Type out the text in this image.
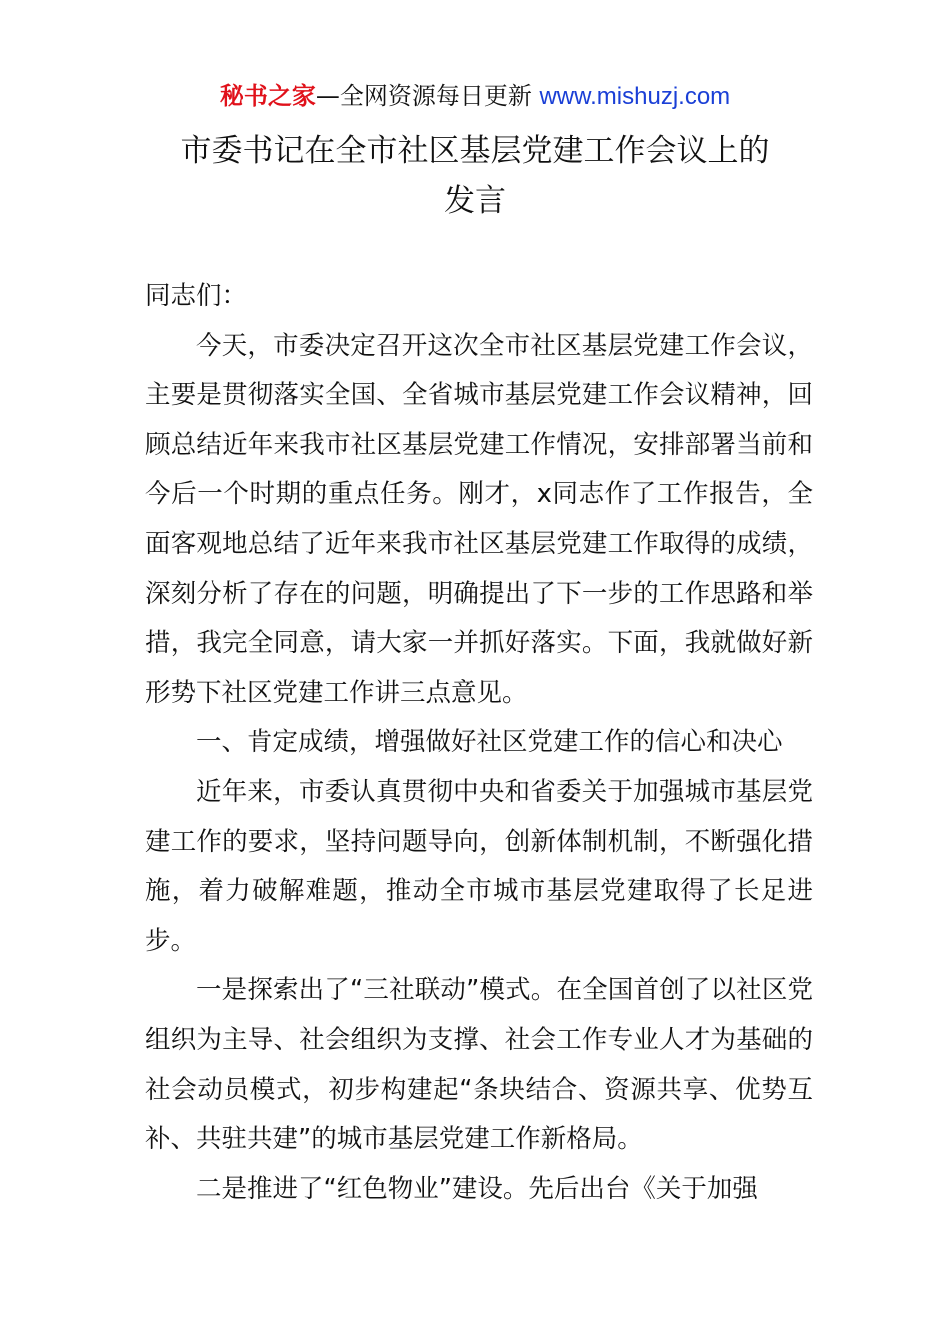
秘书之家—全网资源每日更新 www.mishuzj.com
市委书记在全市社区基层党建工作会议上的
发言

同志们：

今天，市委决定召开这次全市社区基层党建工作会议，主要是贯彻落实全国、全省城市基层党建工作会议精神，回顾总结近年来我市社区基层党建工作情况，安排部署当前和今后一个时期的重点任务。刚才，x同志作了工作报告，全面客观地总结了近年来我市社区基层党建工作取得的成绩，深刻分析了存在的问题，明确提出了下一步的工作思路和举措，我完全同意，请大家一并抓好落实。下面，我就做好新形势下社区党建工作讲三点意见。

一、肯定成绩，增强做好社区党建工作的信心和决心

近年来，市委认真贯彻中央和省委关于加强城市基层党建工作的要求，坚持问题导向，创新体制机制，不断强化措施，着力破解难题，推动全市城市基层党建取得了长足进步。

一是探索出了“三社联动”模式。在全国首创了以社区党组织为主导、社会组织为支撑、社会工作专业人才为基础的社会动员模式，初步构建起“条块结合、资源共享、优势互补、共驻共建”的城市基层党建工作新格局。

二是推进了“红色物业”建设。先后出台《关于加强
